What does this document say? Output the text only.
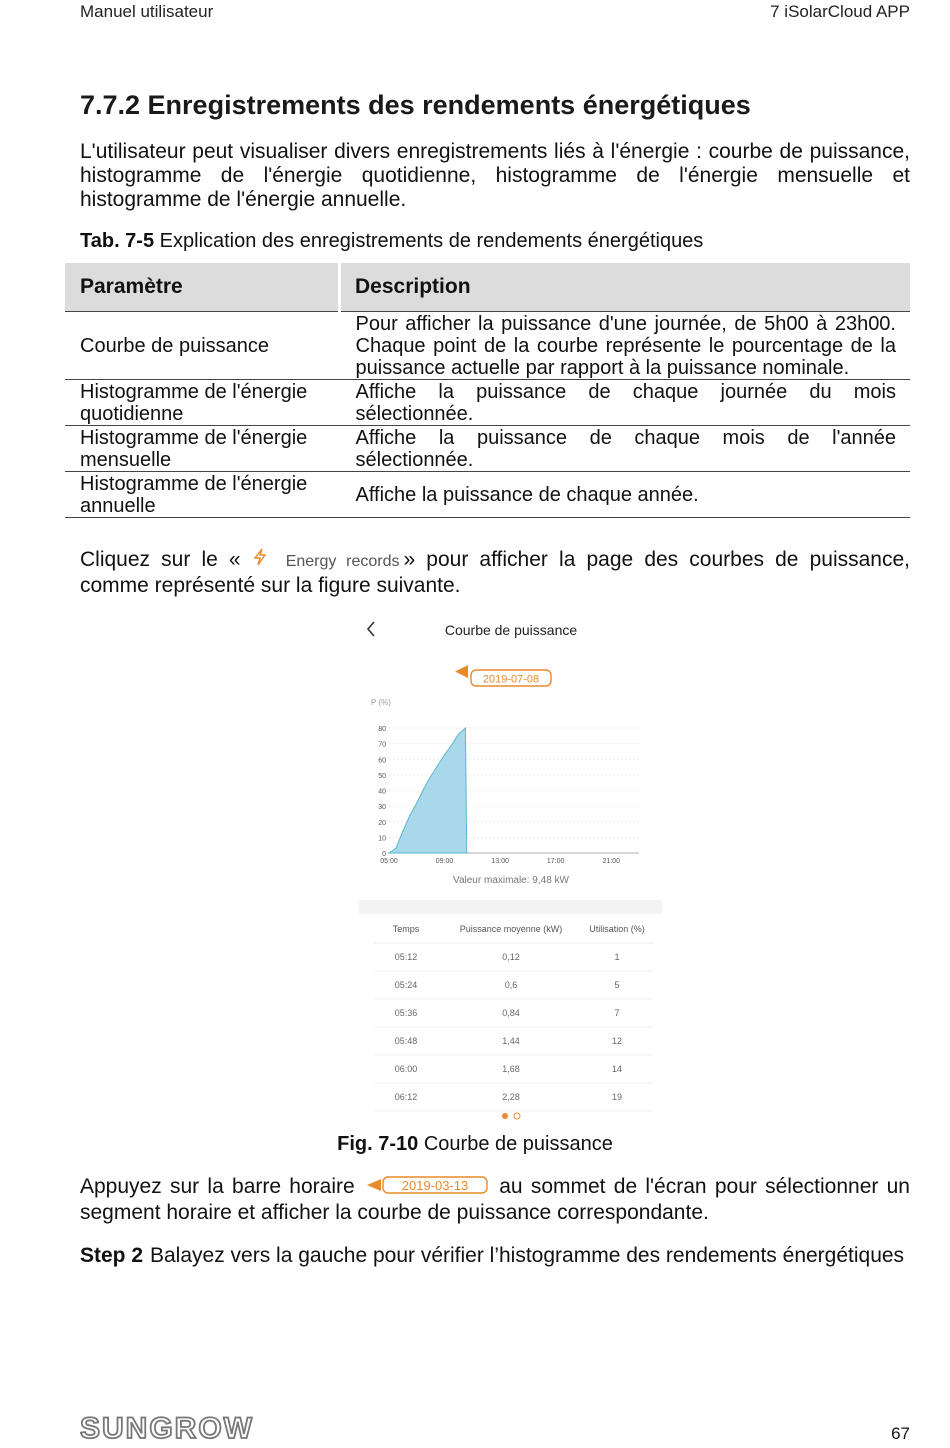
Manuel utilisateur	7 iSolarCloud APP
7.7.2 Enregistrements des rendements énergétiques
L'utilisateur peut visualiser divers enregistrements liés à l'énergie : courbe de puissance, histogramme de l'énergie quotidienne, histogramme de l'énergie mensuelle et histogramme de l'énergie annuelle.
Tab. 7-5 Explication des enregistrements de rendements énergétiques
Paramètre	Description
Courbe de puissance	Pour afficher la puissance d'une journée, de 5h00 à 23h00. Chaque point de la courbe représente le pourcentage de la puissance actuelle par rapport à la puissance nominale.
Histogramme de l'énergie quotidienne	Affiche la puissance de chaque journée du mois sélectionnée.
Histogramme de l'énergie mensuelle	Affiche la puissance de chaque mois de l'année sélectionnée.
Histogramme de l'énergie annuelle	Affiche la puissance de chaque année.
Cliquez sur le «	Energy records » pour afficher la page des courbes de puissance, comme représenté sur la figure suivante.
Courbe de puissance
2019-07-08
P (%)
0
10
20
30
40
50
60
70
80
05:00	09:00	13:00	17:00	21:00
Valeur maximale: 9,48 kW
Temps	Puissance moyenne (kW)	Utilisation (%)
05:12	0,12	1
05:24	0,6	5
05:36	0,84	7
05:48	1,44	12
06:00	1,68	14
06:12	2,28	19
Fig. 7-10 Courbe de puissance
Appuyez sur la barre horaire	2019-03-13 au sommet de l'écran pour sélectionner un segment horaire et afficher la courbe de puissance correspondante.
Step 2 Balayez vers la gauche pour vérifier l’histogramme des rendements énergétiques
SUNGROW	67
